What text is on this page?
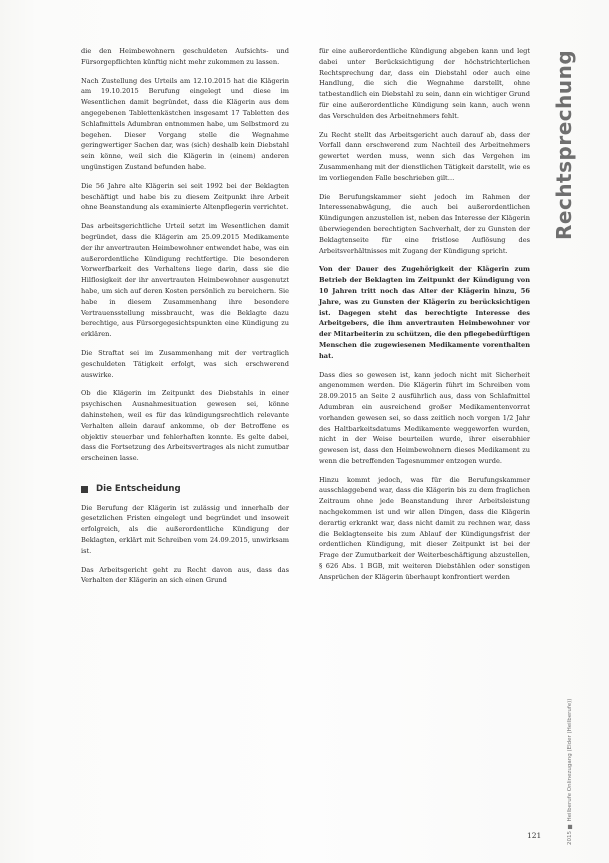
die den Heimbewohnern geschuldeten Aufsichts- und Fürsorgepflichten künftig nicht mehr zukommen zu lassen.

Nach Zustellung des Urteils am 12.10.2015 hat die Klägerin am 19.10.2015 Berufung eingelegt und diese im Wesentlichen damit begründet, dass die Klägerin aus dem angegebenen Tablettenkästchen insgesamt 17 Tabletten des Schlafmittels Adumbran entnommen habe, um Selbstmord zu begehen. Dieser Vorgang stelle die Wegnahme geringwertiger Sachen dar, was (sich) deshalb kein Diebstahl sein könne, weil sich die Klägerin in (einem) anderen ungünstigen Zustand befunden habe.

Die 56 Jahre alte Klägerin sei seit 1992 bei der Beklagten beschäftigt und habe bis zu diesem Zeitpunkt ihre Arbeit ohne Beanstandung als examinierte Altenpflegerin verrichtet.

Das arbeitsgerichtliche Urteil setzt im Wesentlichen damit begründet, dass die Klägerin am 25.09.2015 Medikamente der ihr anvertrauten Heimbewohner entwendet habe, was ein außerordentliche Kündigung rechtfertige. Die besonderen Vorwerfbarkeit des Verhaltens liege darin, dass sie die Hilflosigkeit der ihr anvertrauten Heimbewohner ausgenutzt habe, um sich auf deren Kosten persönlich zu bereichern. Sie habe in diesem Zusammenhang ihre besondere Vertrauensstellung missbraucht, was die Beklagte dazu berechtige, aus Fürsorgegesichtspunkten eine Kündigung zu erklären.

Die Straftat sei im Zusammenhang mit der vertraglich geschuldeten Tätigkeit erfolgt, was sich erschwerend auswirke.

Ob die Klägerin im Zeitpunkt des Diebstahls in einer psychischen Ausnahmesituation gewesen sei, könne dahinstehen, weil es für das kündigungsrechtlich relevante Verhalten allein darauf ankomme, ob der Betroffene es objektiv steuerbar und fehlerhaften konnte. Es gelte dabei, dass die Fortsetzung des Arbeitsvertrages als nicht zumutbar erscheinen lasse.

Die Entscheidung

Die Berufung der Klägerin ist zulässig und innerhalb der gesetzlichen Fristen eingelegt und begründet und insoweit erfolgreich, als die außerordentliche Kündigung der Beklagten, erklärt mit Schreiben vom 24.09.2015, unwirksam ist.

Das Arbeitsgericht geht zu Recht davon aus, dass das Verhalten der Klägerin an sich einen Grund

für eine außerordentliche Kündigung abgeben kann und legt dabei unter Berücksichtigung der höchstrichterlichen Rechtsprechung dar, dass ein Diebstahl oder auch eine Handlung, die sich die Wegnahme darstellt, ohne tatbestandlich ein Diebstahl zu sein, dann ein wichtiger Grund für eine außerordentliche Kündigung sein kann, auch wenn das Verschulden des Arbeitnehmers fehlt.

Zu Recht stellt das Arbeitsgericht auch darauf ab, dass der Vorfall dann erschwerend zum Nachteil des Arbeitnehmers gewertet werden muss, wenn sich das Vergehen im Zusammenhang mit der dienstlichen Tätigkeit darstellt, wie es im vorliegenden Falle beschrieben gilt…

Die Berufungskammer sieht jedoch im Rahmen der Interessenabwägung, die auch bei außerordentlichen Kündigungen anzustellen ist, neben das Interesse der Klägerin überwiegenden berechtigten Sachverhalt, der zu Gunsten der Beklagtenseite für eine fristlose Auflösung des Arbeitsverhältnisses mit Zugang der Kündigung spricht.

Von der Dauer des Zugehörigkeit der Klägerin zum Betrieb der Beklagten im Zeitpunkt der Kündigung von 10 Jahren tritt noch das Alter der Klägerin hinzu, 56 Jahre, was zu Gunsten der Klägerin zu berücksichtigen ist. Dagegen steht das berechtigte Interesse des Arbeitgebers, die ihm anvertrauten Heimbewohner vor der Mitarbeiterin zu schützen, die den pflegebedürftigen Menschen die zugewiesenen Medikamente vorenthalten hat.

Dass dies so gewesen ist, kann jedoch nicht mit Sicherheit angenommen werden. Die Klägerin führt im Schreiben vom 28.09.2015 an Seite 2 ausführlich aus, dass von Schlafmittel Adumbran ein ausreichend großer Medikamentenvorrat vorhanden gewesen sei, so dass zeitlich noch vorgen 1/2 Jahr des Haltbarkeitsdatums Medikamente weggeworfen wurden, nicht in der Weise beurteilen wurde, ihrer eiserabhier gewesen ist, dass den Heimbewohnern dieses Medikament zu wenn die betreffenden Tagesnummer entzogen wurde.

Hinzu kommt jedoch, was für die Berufungskammer ausschlaggebend war, dass die Klägerin bis zu dem fraglichen Zeitraum ohne jede Beanstandung ihrer Arbeitsleistung nachgekommen ist und wir allen Dingen, dass die Klägerin derartig erkrankt war, dass nicht damit zu rechnen war, dass die Beklagtenseite bis zum Ablauf der Kündigungsfrist der ordentlichen Kündigung, mit dieser Zeitpunkt ist bei der Frage der Zumutbarkeit der Weiterbeschäftigung abzustellen, § 626 Abs. 1 BGB, mit weiteren Diebstählen oder sonstigen Ansprüchen der Klägerin überhaupt konfrontiert werden

Rechtsprechung
2015 ■ Heilberufe Onlinezugang (Elder (Heilberufe))
121
